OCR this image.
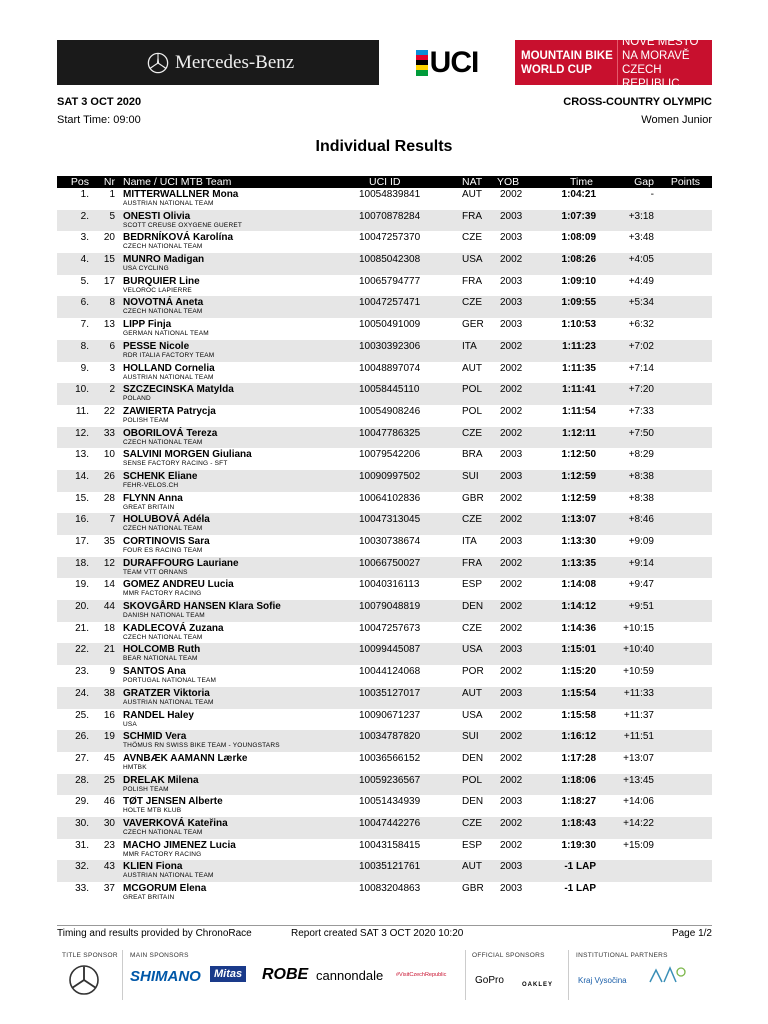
Mercedes-Benz	UCI	MOUNTAIN BIKE
WORLD CUP
NOVÉ MĚSTO NA MORAVĚ
CZECH REPUBLIC
SAT 3 OCT 2020
Start Time: 09:00
CROSS-COUNTRY OLYMPIC
Women Junior
Individual Results
Pos Nr Name / UCI MTB Team	UCI ID	NAT YOB	Time	Gap Points
1. 1 MITTERWALLNER Mona
AUSTRIAN NATIONAL TEAM
10054839841	AUT 2002	1:04:21	-
2. 5 ONESTI Olivia
SCOTT CREUSE OXYGENE GUERET
10070878284	FRA 2003	1:07:39	+3:18
3. 20 BEDRNÍKOVÁ Karolína
CZECH NATIONAL TEAM
10047257370	CZE 2003	1:08:09	+3:48
4. 15 MUNRO Madigan
USA CYCLING
10085042308	USA 2002	1:08:26	+4:05
5. 17 BURQUIER Line
VELOROC LAPIERRE
10065794777	FRA 2003	1:09:10	+4:49
6. 8 NOVOTNÁ Aneta
CZECH NATIONAL TEAM
10047257471	CZE 2003	1:09:55	+5:34
7. 13 LIPP Finja
GERMAN NATIONAL TEAM
10050491009	GER 2003	1:10:53	+6:32
8. 6 PESSE Nicole
RDR ITALIA FACTORY TEAM
10030392306	ITA 2002	1:11:23	+7:02
9. 3 HOLLAND Cornelia
AUSTRIAN NATIONAL TEAM
10048897074	AUT 2002	1:11:35	+7:14
10. 2 SZCZECINSKA Matylda
POLAND
10058445110	POL 2002	1:11:41	+7:20
11. 22 ZAWIERTA Patrycja
POLISH TEAM
10054908246	POL 2002	1:11:54	+7:33
12. 33 OBORILOVÁ Tereza
CZECH NATIONAL TEAM
10047786325	CZE 2002	1:12:11	+7:50
13. 10 SALVINI MORGEN Giuliana
SENSE FACTORY RACING - SFT
10079542206	BRA 2003	1:12:50	+8:29
14. 26 SCHENK Eliane
FEHR-VELOS.CH
10090997502	SUI 2003	1:12:59	+8:38
15. 28 FLYNN Anna
GREAT BRITAIN
10064102836	GBR 2002	1:12:59	+8:38
16. 7 HOLUBOVÁ Adéla
CZECH NATIONAL TEAM
10047313045	CZE 2002	1:13:07	+8:46
17. 35 CORTINOVIS Sara
FOUR ES RACING TEAM
10030738674	ITA 2003	1:13:30	+9:09
18. 12 DURAFFOURG Lauriane
TEAM VTT ORNANS
10066750027	FRA 2002	1:13:35	+9:14
19. 14 GOMEZ ANDREU Lucia
MMR FACTORY RACING
10040316113	ESP 2002	1:14:08	+9:47
20. 44 SKOVGÅRD HANSEN Klara Sofie
DANISH NATIONAL TEAM
10079048819	DEN 2002	1:14:12	+9:51
21. 18 KADLECOVÁ Zuzana
CZECH NATIONAL TEAM
10047257673	CZE 2002	1:14:36	+10:15
22. 21 HOLCOMB Ruth
BEAR NATIONAL TEAM
10099445087	USA 2003	1:15:01	+10:40
23. 9 SANTOS Ana
PORTUGAL NATIONAL TEAM
10044124068	POR 2002	1:15:20	+10:59
24. 38 GRATZER Viktoria
AUSTRIAN NATIONAL TEAM
10035127017	AUT 2003	1:15:54	+11:33
25. 16 RANDEL Haley
USA
10090671237	USA 2002	1:15:58	+11:37
26. 19 SCHMID Vera
THÖMUS RN SWISS BIKE TEAM - YOUNGSTARS
10034787820	SUI 2002	1:16:12	+11:51
27. 45 AVNBÆK AAMANN Lærke
HMTBK
10036566152	DEN 2002	1:17:28	+13:07
28. 25 DRELAK Milena
POLISH TEAM
10059236567	POL 2002	1:18:06	+13:45
29. 46 TØT JENSEN Alberte
HOLTE MTB KLUB
10051434939	DEN 2003	1:18:27	+14:06
30. 30 VAVERKOVÁ Kateřina
CZECH NATIONAL TEAM
10047442276	CZE 2002	1:18:43	+14:22
31. 23 MACHO JIMENEZ Lucia
MMR FACTORY RACING
10043158415	ESP 2002	1:19:30	+15:09
32. 43 KLIEN Fiona
AUSTRIAN NATIONAL TEAM
10035121761	AUT 2003	-1 LAP
33. 37 MCGORUM Elena
GREAT BRITAIN
10083204863	GBR 2003	-1 LAP
Timing and results provided by ChronoRace	Report created SAT 3 OCT 2020 10:20	Page 1/2
TITLE SPONSOR MAIN SPONSORS
SHIMANO	Mitas ROBE cannondale #VisitCzechRepublic
OFFICIAL SPONSORS
GoPro	OAKLEY
INSTITUTIONAL PARTNERS
Kraj Vysočina
